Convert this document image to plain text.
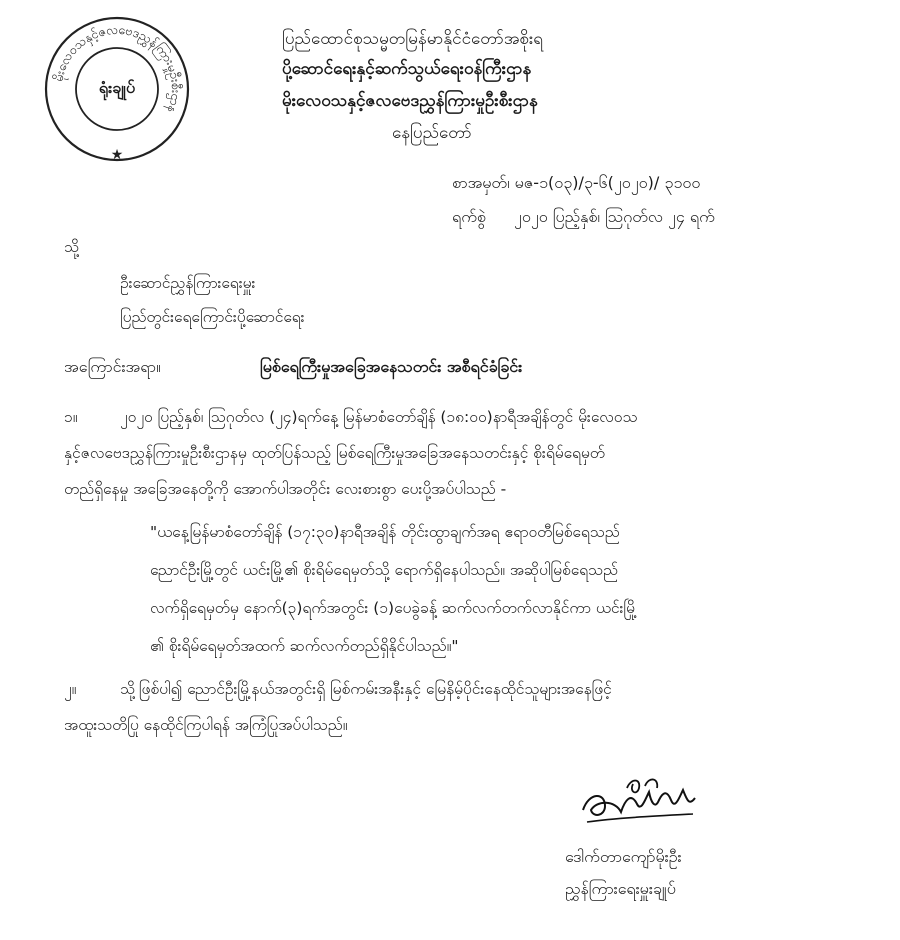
မိုးလေဝသနှင့်ဇလဗေဒညွှန်ကြားမှုဦးစီးဌာန
★
ရုံးချုပ်
ပြည်ထောင်စုသမ္မတမြန်မာနိုင်ငံတော်အစိုးရ
ပို့ဆောင်ရေးနှင့်ဆက်သွယ်ရေးဝန်ကြီးဌာန
မိုးလေဝသနှင့်ဇလဗေဒညွှန်ကြားမှုဦးစီးဌာန
နေပြည်တော်
စာအမှတ်၊ မဇ-၁(ဝ၃)/၃-၆(၂၀၂၀)/ ၃၁၀၀
ရက်စွဲ ၂၀၂၀ ပြည့်နှစ်၊ ဩဂုတ်လ ၂၄ ရက်
သို့
ဦးဆောင်ညွှန်ကြားရေးမှူး
ပြည်တွင်းရေကြောင်းပို့ဆောင်ရေး
အကြောင်းအရာ။	မြစ်ရေကြီးမှုအခြေအနေသတင်း အစီရင်ခံခြင်း
၁။	၂၀၂၀ ပြည့်နှစ်၊ ဩဂုတ်လ (၂၄)ရက်နေ့ မြန်မာစံတော်ချိန် (၁၈:၀၀)နာရီအချိန်တွင် မိုးလေဝသ
နှင့်ဇလဗေဒညွှန်ကြားမှုဦးစီးဌာနမှ ထုတ်ပြန်သည့် မြစ်ရေကြီးမှုအခြေအနေသတင်းနှင့် စိုးရိမ်ရေမှတ်
တည်ရှိနေမှု အခြေအနေတို့ကို အောက်ပါအတိုင်း လေးစားစွာ ပေးပို့အပ်ပါသည် -
"ယနေ့မြန်မာစံတော်ချိန် (၁၇:၃၀)နာရီအချိန် တိုင်းထွာချက်အရ ဧရာဝတီမြစ်ရေသည်
ညောင်ဦးမြို့တွင် ယင်းမြို့၏ စိုးရိမ်ရေမှတ်သို့ ရောက်ရှိနေပါသည်။ အဆိုပါမြစ်ရေသည်
လက်ရှိရေမှတ်မှ နောက်(၃)ရက်အတွင်း (၁)ပေခွဲခန့် ဆက်လက်တက်လာနိုင်ကာ ယင်းမြို့
၏ စိုးရိမ်ရေမှတ်အထက် ဆက်လက်တည်ရှိနိုင်ပါသည်။"
၂။	သို့ဖြစ်ပါ၍ ညောင်ဦးမြို့နယ်အတွင်းရှိ မြစ်ကမ်းအနီးနှင့် မြေနိမ့်ပိုင်းနေထိုင်သူများအနေဖြင့်
အထူးသတိပြု နေထိုင်ကြပါရန် အကြံပြုအပ်ပါသည်။
ဒေါက်တာကျော်မိုးဦး
ညွှန်ကြားရေးမှူးချုပ်
